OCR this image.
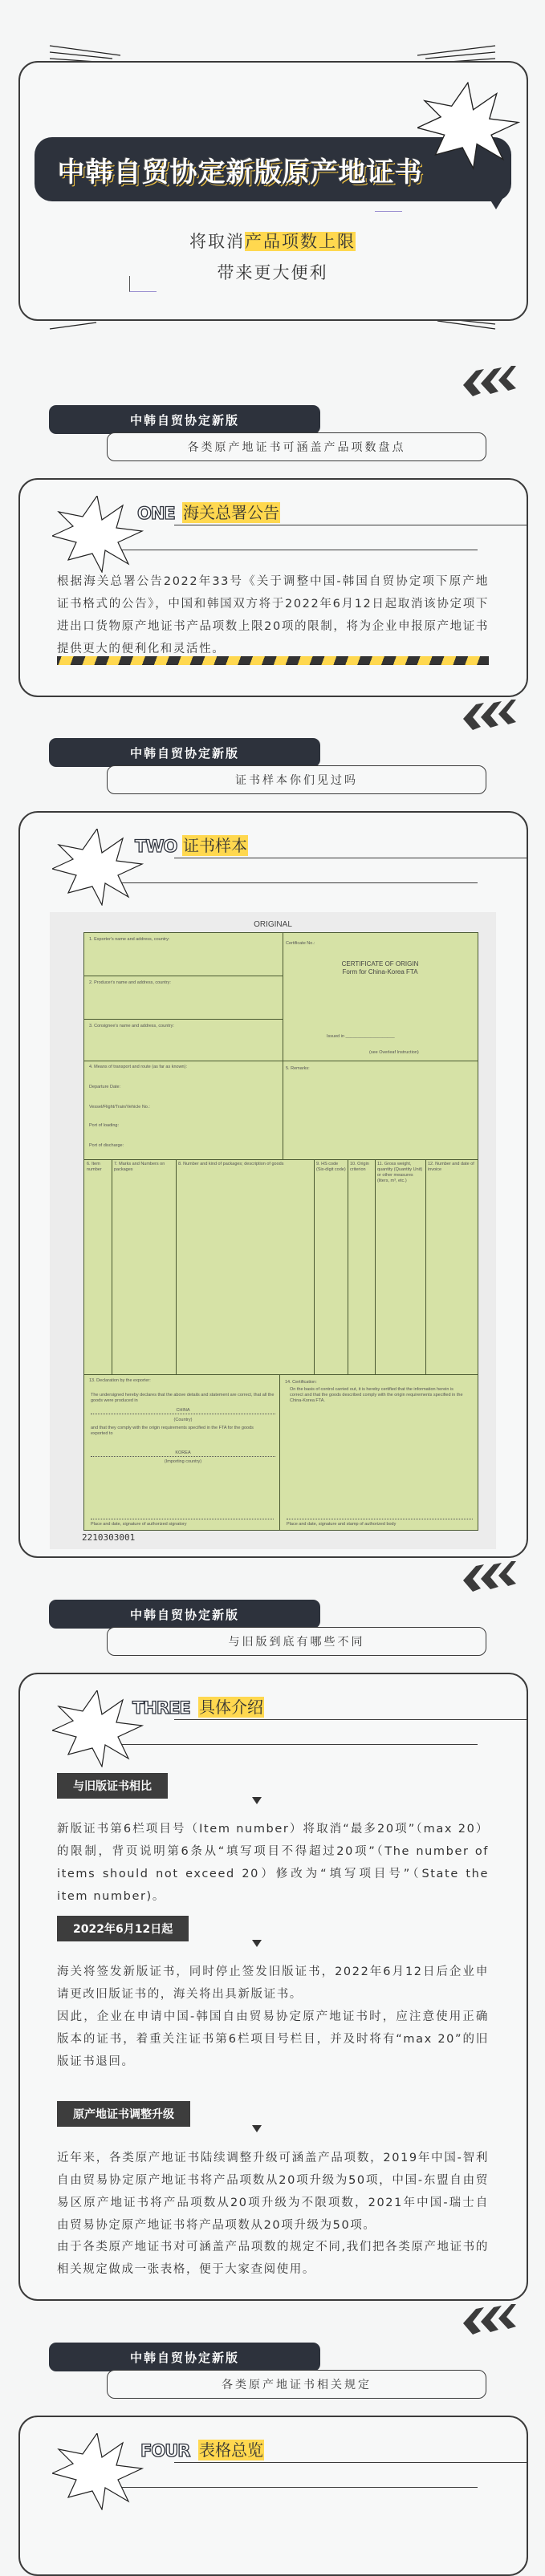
中韩自贸协定新版原产地证书
将取消产品项数上限
带来更大便利
中韩自贸协定新版
各类原产地证书可涵盖产品项数盘点
ONE 海关总署公告
根据海关总署公告2022年33号《关于调整中国-韩国自贸协定项下原产地证书格式的公告》，中国和韩国双方将于2022年6月12日起取消该协定项下进出口货物原产地证书产品项数上限20项的限制，将为企业申报原产地证书提供更大的便利化和灵活性。
中韩自贸协定新版
证书样本你们见过吗
TWO 证书样本
ORIGINAL
1. Exporter's name and address, country:
2. Producer's name and address, country:
3. Consignee's name and address, country:
4. Means of transport and route (as far as known):
Departure Date:
Vessel/Flight/Train/Vehicle No.:
Port of loading:
Port of discharge:
Certificate No.:
CERTIFICATE OF ORIGIN
Form for China-Korea FTA
Issued in ____________________
(see Overleaf Instruction)
5. Remarks:
6. Item number
7. Marks and Numbers on packages
8. Number and kind of packages; description of goods	9. HS code (Six-digit code)
10. Origin criterion
11. Gross weight, quantity (Quantity Unit) or other measures (liters, m³, etc.)
12. Number and date of invoice
13. Declaration by the exporter:
The undersigned hereby declares that the above details and statement are correct, that all the goods were produced in
CHINA
(Country)
and that they comply with the origin requirements specified in the FTA for the goods exported to
KOREA
(Importing country)
Place and date, signature of authorized signatory
14. Certification:
On the basis of control carried out, it is hereby certified that the information herein is correct and that the goods described comply with the origin requirements specified in the China-Korea FTA.
Place and date, signature and stamp of authorized body
2210303001
中韩自贸协定新版
与旧版到底有哪些不同
THREE 具体介绍
与旧版证书相比
新版证书第6栏项目号（Item number）将取消“最多20项”（max 20）的限制，背页说明第6条从“填写项目不得超过20项”（The number of items should not exceed 20）修改为“填写项目号”（State the item number)。
2022年6月12日起
海关将签发新版证书，同时停止签发旧版证书，2022年6月12日后企业申请更改旧版证书的，海关将出具新版证书。
因此，企业在申请中国-韩国自由贸易协定原产地证书时，应注意使用正确版本的证书，着重关注证书第6栏项目号栏目，并及时将有“max 20”的旧版证书退回。
原产地证书调整升级
近年来，各类原产地证书陆续调整升级可涵盖产品项数，2019年中国-智利自由贸易协定原产地证书将产品项数从20项升级为50项，中国-东盟自由贸易区原产地证书将产品项数从20项升级为不限项数，2021年中国-瑞士自由贸易协定原产地证书将产品项数从20项升级为50项。
由于各类原产地证书对可涵盖产品项数的规定不同,我们把各类原产地证书的相关规定做成一张表格，便于大家查阅使用。
中韩自贸协定新版
各类原产地证书相关规定
FOUR 表格总览
